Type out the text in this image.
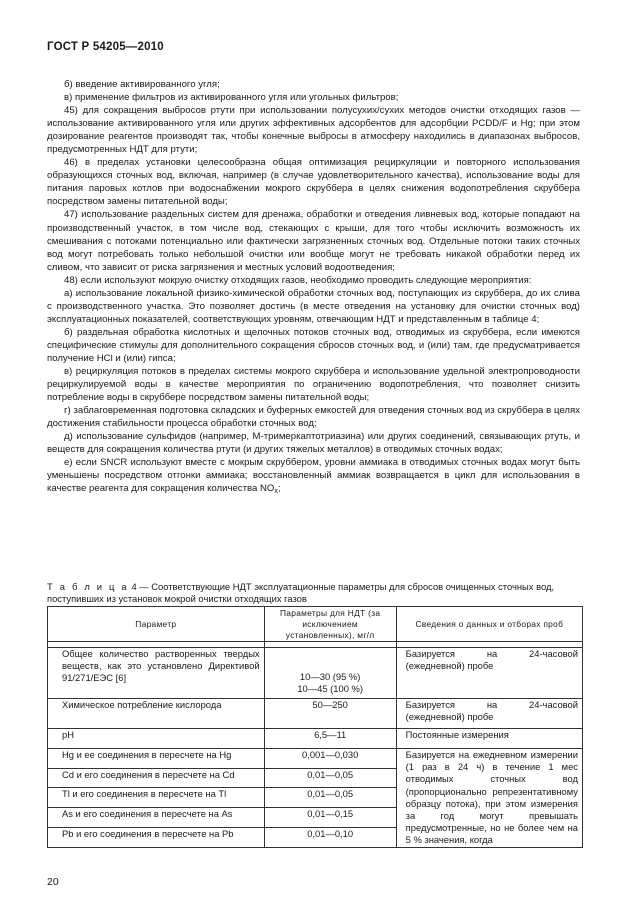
ГОСТ Р 54205—2010

б) введение активированного угля;

в) применение фильтров из активированного угля или угольных фильтров;

45) для сокращения выбросов ртути при использовании полусухих/сухих методов очистки отходящих газов — использование активированного угля или других эффективных адсорбентов для адсорбции PCDD/F и Hg; при этом дозирование реагентов производят так, чтобы конечные выбросы в атмосферу находились в диапазонах выбросов, предусмотренных НДТ для ртути;

46) в пределах установки целесообразна общая оптимизация рециркуляции и повторного использования образующихся сточных вод, включая, например (в случае удовлетворительного качества), использование воды для питания паровых котлов при водоснабжении мокрого скруббера в целях снижения водопотребления скруббера посредством замены питательной воды;

47) использование раздельных систем для дренажа, обработки и отведения ливневых вод, которые попадают на производственный участок, в том числе вод, стекающих с крыши, для того чтобы исключить возможность их смешивания с потоками потенциально или фактически загрязненных сточных вод. Отдельные потоки таких сточных вод могут потребовать только небольшой очистки или вообще могут не требовать никакой обработки перед их сливом, что зависит от риска загрязнения и местных условий водоотведения;

48) если используют мокрую очистку отходящих газов, необходимо проводить следующие мероприятия:

а) использование локальной физико-химической обработки сточных вод, поступающих из скруббера, до их слива с производственного участка. Это позволяет достичь (в месте отведения на установку для очистки сточных вод) эксплуатационных показателей, соответствующих уровням, отвечающим НДТ и представленным в таблице 4;

б) раздельная обработка кислотных и щелочных потоков сточных вод, отводимых из скруббера, если имеются специфические стимулы для дополнительного сокращения сбросов сточных вод, и (или) там, где предусматривается получение HCl и (или) гипса;

в) рециркуляция потоков в пределах системы мокрого скруббера и использование удельной электропроводности рециркулируемой воды в качестве мероприятия по ограничению водопотребления, что позволяет снизить потребление воды в скруббере посредством замены питательной воды;

г) заблаговременная подготовка складских и буферных емкостей для отведения сточных вод из скруббера в целях достижения стабильности процесса обработки сточных вод;

д) использование сульфидов (например, М-тримеркаптотриазина) или других соединений, связывающих ртуть, и веществ для сокращения количества ртути (и других тяжелых металлов) в отводимых сточных водах;

е) если SNCR используют вместе с мокрым скруббером, уровни аммиака в отводимых сточных водах могут быть уменьшены посредством отгонки аммиака; восстановленный аммиак возвращается в цикл для использования в качестве реагента для сокращения количества $NO_x$;

Т а б л и ц а 4 — Соответствующие НДТ эксплуатационные параметры для сбросов очищенных сточных вод, поступивших из установок мокрой очистки отходящих газов
Параметр	Параметры для НДТ (за исключением установленных), мг/л	Сведения о данных и отборах проб

Общее количество растворенных твердых веществ, как это установлено Директивой 91/271/ЕЭС [6]	10—30 (95 %)
10—45 (100 %)	Базируется на 24-часовой (ежедневной) пробе
Химическое потребление кислорода	50—250	Базируется на 24-часовой (ежедневной) пробе
pH	6,5—11	Постоянные измерения
Hg и ее соединения в пересчете на Hg	0,001—0,030	Базируется на ежедневном измерении (1 раз в 24 ч) в течение 1 мес отводимых сточных вод (пропорционально репрезентативному образцу потока), при этом измерения за год могут превышать предусмотренные, но не более чем на 5 % значения, когда
Cd и его соединения в пересчете на Cd	0,01—0,05	
Tl и его соединения в пересчете на Tl	0,01—0,05	
As и его соединения в пересчете на As	0,01—0,15	
Pb и его соединения в пересчете на Pb	0,01—0,10	
20
